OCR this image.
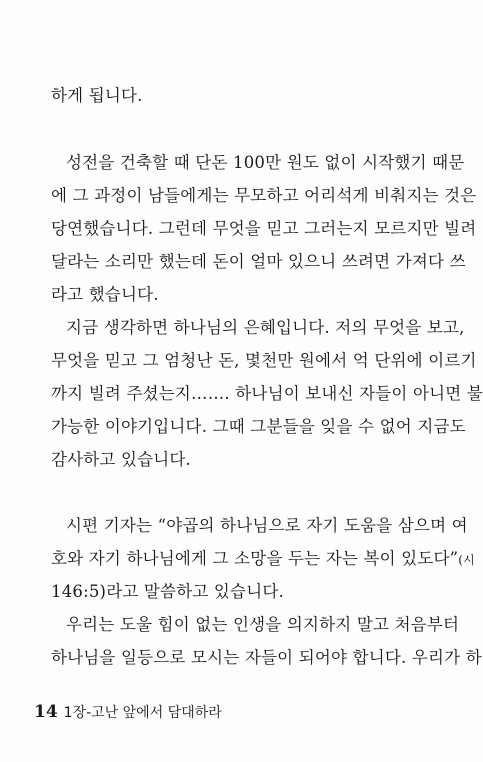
하게 됩니다.
성전을 건축할 때 단돈 100만 원도 없이 시작했기 때문
에 그 과정이 남들에게는 무모하고 어리석게 비춰지는 것은
당연했습니다. 그런데 무엇을 믿고 그러는지 모르지만 빌려
달라는 소리만 했는데 돈이 얼마 있으니 쓰려면 가져다 쓰
라고 했습니다.
지금 생각하면 하나님의 은혜입니다. 저의 무엇을 보고,
무엇을 믿고 그 엄청난 돈, 몇천만 원에서 억 단위에 이르기
까지 빌려 주셨는지……. 하나님이 보내신 자들이 아니면 불
가능한 이야기입니다. 그때 그분들을 잊을 수 없어 지금도
감사하고 있습니다.
시편 기자는 “야곱의 하나님으로 자기 도움을 삼으며 여
호와 자기 하나님에게 그 소망을 두는 자는 복이 있도다”(시
146:5)라고 말씀하고 있습니다.
우리는 도울 힘이 없는 인생을 의지하지 말고 처음부터
하나님을 일등으로 모시는 자들이 되어야 합니다. 우리가 하
14 1장-고난 앞에서 담대하라
